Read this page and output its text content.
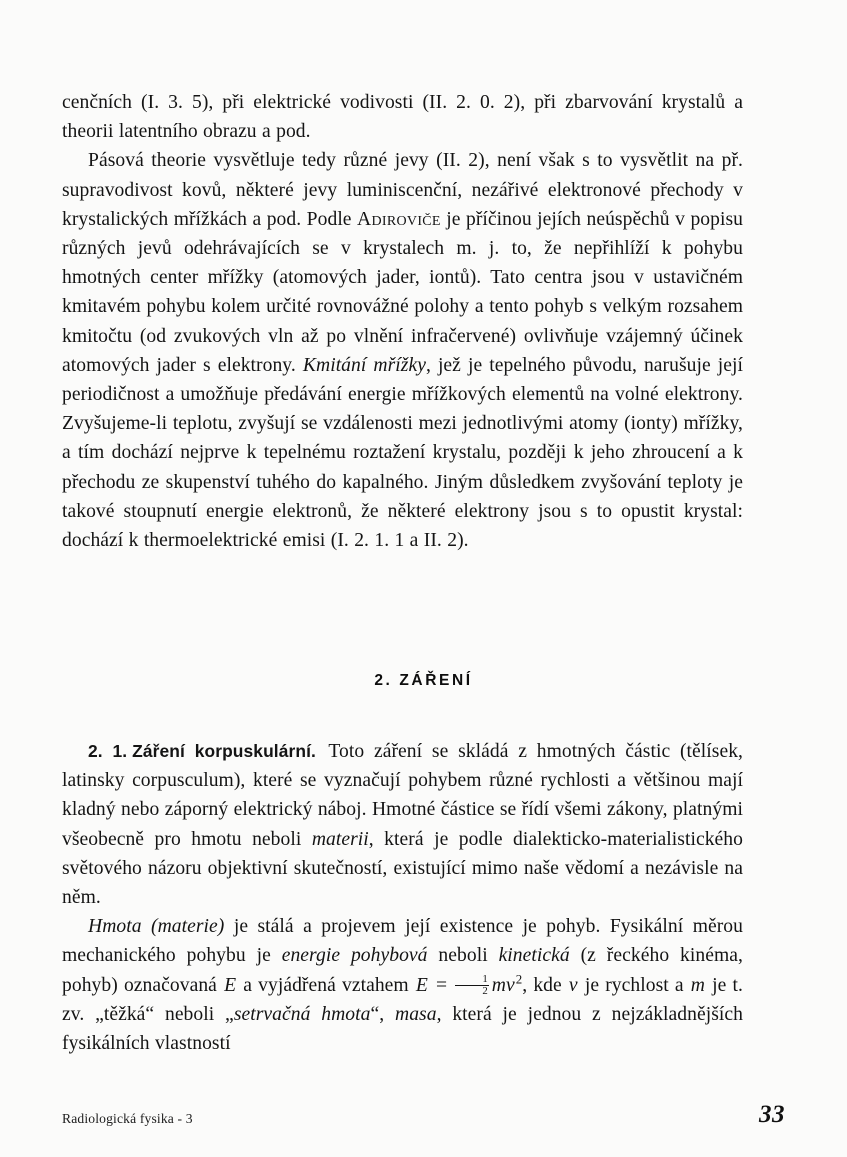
cenčních (I. 3. 5), při elektrické vodivosti (II. 2. 0. 2), při zbarvování krystalů a theorii latentního obrazu a pod.

Pásová theorie vysvětluje tedy různé jevy (II. 2), není však s to vysvětlit na př. supravodivost kovů, některé jevy luminiscenční, nezářivé elektronové přechody v krystalických mřížkách a pod. Podle Adiroviče je příčinou jejích neúspěchů v popisu různých jevů odehrávajících se v krystalech m. j. to, že nepřihlíží k pohybu hmotných center mřížky (atomových jader, iontů). Tato centra jsou v ustavičném kmitavém pohybu kolem určité rovnovážné polohy a tento pohyb s velkým rozsahem kmitočtu (od zvukových vln až po vlnění infračervené) ovlivňuje vzájemný účinek atomových jader s elektrony. Kmitání mřížky, jež je tepelného původu, narušuje její periodičnost a umožňuje předávání energie mřížkových elementů na volné elektrony. Zvyšujeme-li teplotu, zvyšují se vzdálenosti mezi jednotlivými atomy (ionty) mřížky, a tím dochází nejprve k tepelnému roztažení krystalu, později k jeho zhroucení a k přechodu ze skupenství tuhého do kapalného. Jiným důsledkem zvyšování teploty je takové stoupnutí energie elektronů, že některé elektrony jsou s to opustit krystal: dochází k thermoelektrické emisi (I. 2. 1. 1 a II. 2).

2. ZÁŘENÍ

2. 1. Záření korpuskulární. Toto záření se skládá z hmotných částic (tělísek, latinsky corpusculum), které se vyznačují pohybem různé rychlosti a většinou mají kladný nebo záporný elektrický náboj. Hmotné částice se řídí všemi zákony, platnými všeobecně pro hmotu neboli materii, která je podle dialekticko-materialistického světového názoru objektivní skutečností, existující mimo naše vědomí a nezávisle na něm.

Hmota (materie) je stálá a projevem její existence je pohyb. Fysikální měrou mechanického pohybu je energie pohybová neboli kinetická (z řeckého kinéma, pohyb) označovaná E a vyjádřená vztahem $E = \frac{1}{2} mv^2$, kde v je rychlost a m je t. zv. „těžká“ neboli „setrvačná hmota“, masa, která je jednou z nejzákladnějších fysikálních vlastností

Radiologická fysika - 3	33
